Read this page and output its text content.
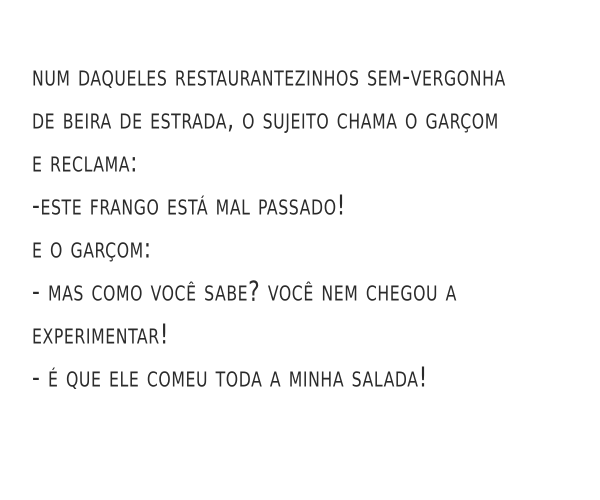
num daqueles restaurantezinhos sem-vergonha
de beira de estrada, o sujeito chama o garçom
e reclama:
-este frango está mal passado!
e o garçom:
- mas como você sabe? você nem chegou a
experimentar!
- é que ele comeu toda a minha salada!
